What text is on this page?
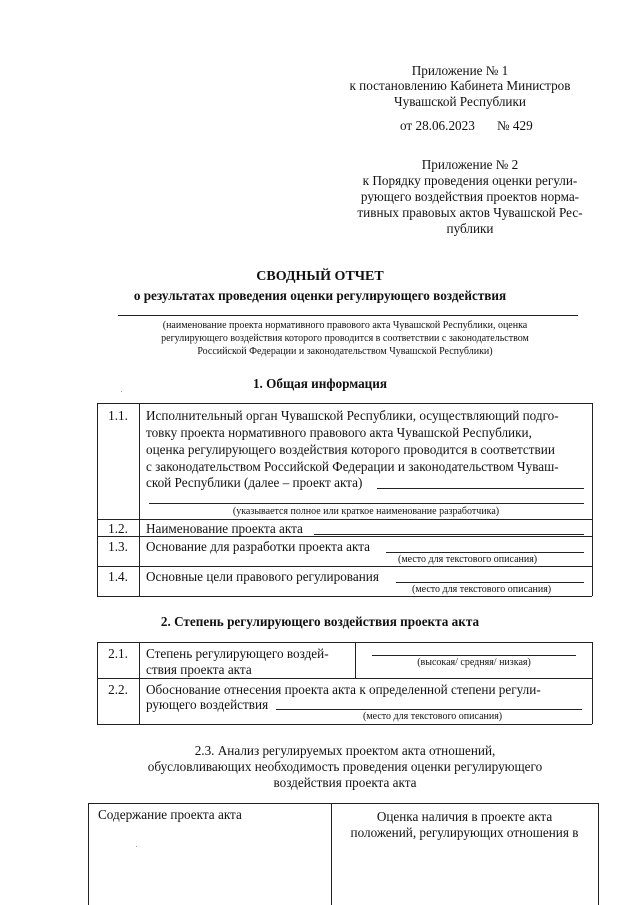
Приложение № 1
к постановлению Кабинета Министров
Чувашской Республики
от 28.06.2023 № 429
Приложение № 2
к Порядку проведения оценки регули-
рующего воздействия проектов норма-
тивных правовых актов Чувашской Рес-
публики
СВОДНЫЙ ОТЧЕТ
о результатах проведения оценки регулирующего воздействия
(наименование проекта нормативного правового акта Чувашской Республики, оценка
регулирующего воздействия которого проводится в соответствии с законодательством
Российской Федерации и законодательством Чувашской Республики)
1. Общая информация
1.1.	Исполнительный орган Чувашской Республики, осуществляющий подго-
товку проекта нормативного правового акта Чувашской Республики,
оценка регулирующего воздействия которого проводится в соответствии
с законодательством Российской Федерации и законодательством Чуваш-
ской Республики (далее – проект акта)
(указывается полное или краткое наименование разработчика)
1.2.	Наименование проекта акта
1.3.	Основание для разработки проекта акта
(место для текстового описания)
1.4.	Основные цели правового регулирования
(место для текстового описания)
2. Степень регулирующего воздействия проекта акта
2.1.	Степень регулирующего воздей-
ствия проекта акта	(высокая/ средняя/ низкая)
2.2.	Обоснование отнесения проекта акта к определенной степени регули-
рующего воздействия
(место для текстового описания)
2.3. Анализ регулируемых проектом акта отношений,
обусловливающих необходимость проведения оценки регулирующего
воздействия проекта акта
Содержание проекта акта	Оценка наличия в проекте акта
положений, регулирующих отношения в
